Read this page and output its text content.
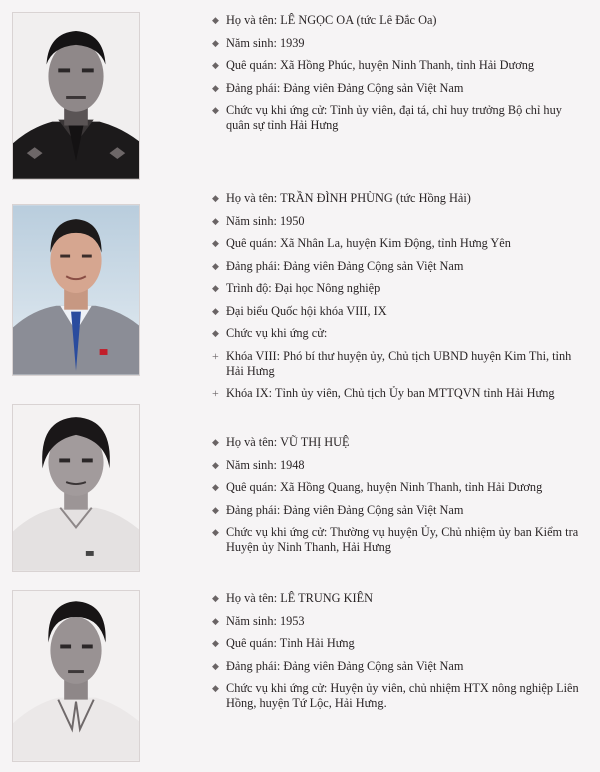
◆ Họ và tên: LÊ NGỌC OA (tức Lê Đắc Oa)
◆ Năm sinh: 1939
◆ Quê quán: Xã Hồng Phúc, huyện Ninh Thanh, tỉnh Hải Dương
◆ Đảng phái: Đảng viên Đảng Cộng sản Việt Nam
◆ Chức vụ khi ứng cử: Tỉnh ủy viên, đại tá, chỉ huy trưởng Bộ chỉ huy quân sự tỉnh Hải Hưng
◆ Họ và tên: TRẦN ĐÌNH PHÙNG (tức Hồng Hải)
◆ Năm sinh: 1950
◆ Quê quán: Xã Nhân La, huyện Kim Động, tỉnh Hưng Yên
◆ Đảng phái: Đảng viên Đảng Cộng sản Việt Nam
◆ Trình độ: Đại học Nông nghiệp
◆ Đại biểu Quốc hội khóa VIII, IX
◆ Chức vụ khi ứng cử:
+ Khóa VIII: Phó bí thư huyện ủy, Chủ tịch UBND huyện Kim Thi, tỉnh Hải Hưng
+ Khóa IX: Tỉnh ủy viên, Chủ tịch Ủy ban MTTQVN tỉnh Hải Hưng
◆ Họ và tên: VŨ THỊ HUỆ
◆ Năm sinh: 1948
◆ Quê quán: Xã Hồng Quang, huyện Ninh Thanh, tỉnh Hải Dương
◆ Đảng phái: Đảng viên Đảng Cộng sản Việt Nam
◆ Chức vụ khi ứng cử: Thường vụ huyện Ủy, Chủ nhiệm ủy ban Kiểm tra Huyện ủy Ninh Thanh, Hải Hưng
◆ Họ và tên: LÊ TRUNG KIÊN
◆ Năm sinh: 1953
◆ Quê quán: Tỉnh Hải Hưng
◆ Đảng phái: Đảng viên Đảng Cộng sản Việt Nam
◆ Chức vụ khi ứng cử: Huyện ủy viên, chủ nhiệm HTX nông nghiệp Liên Hồng, huyện Tứ Lộc, Hải Hưng.
